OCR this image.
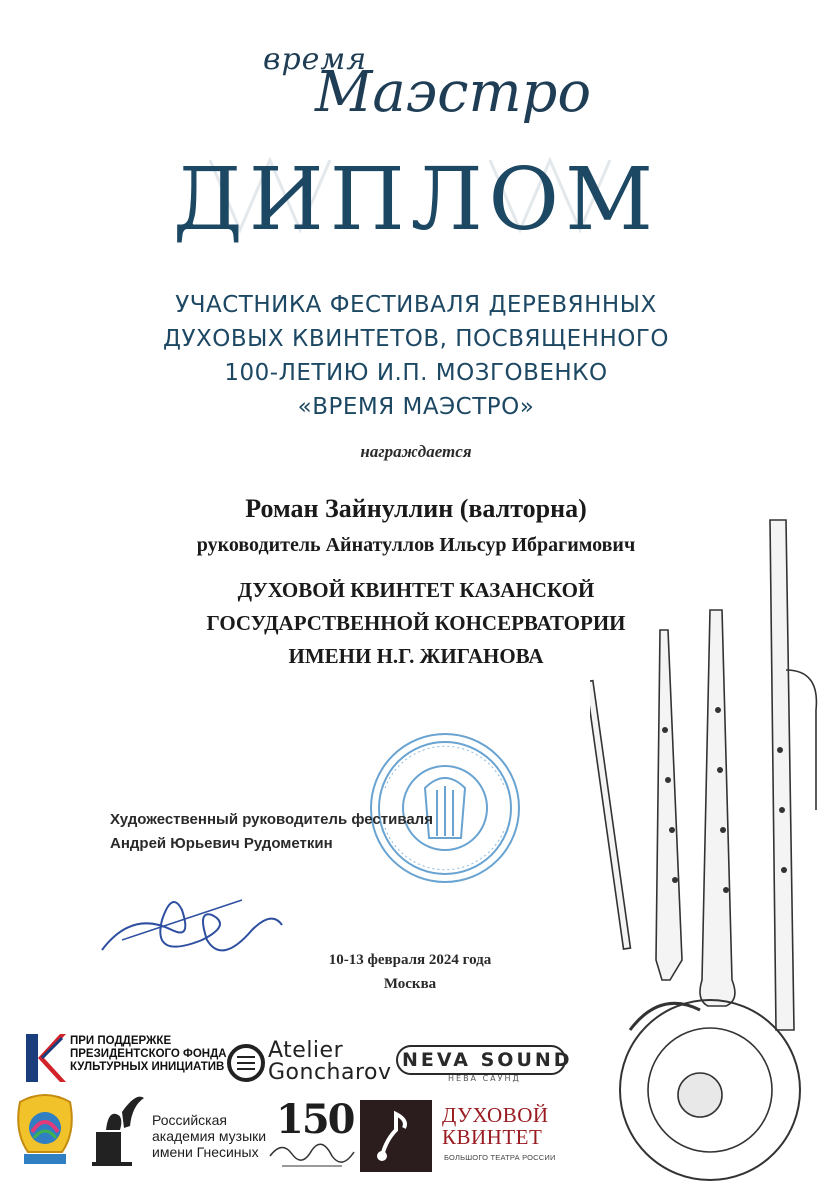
время
Маэстро
ДИПЛОМ
УЧАСТНИКА ФЕСТИВАЛЯ ДЕРЕВЯННЫХ
ДУХОВЫХ КВИНТЕТОВ, ПОСВЯЩЕННОГО
100-ЛЕТИЮ И.П. МОЗГОВЕНКО
«ВРЕМЯ МАЭСТРО»
награждается
Роман Зайнуллин (валторна)
руководитель Айнатуллов Ильсур Ибрагимович
ДУХОВОЙ КВИНТЕТ КАЗАНСКОЙ
ГОСУДАРСТВЕННОЙ КОНСЕРВАТОРИИ
ИМЕНИ Н.Г. ЖИГАНОВА
Художественный руководитель фестиваля
Андрей Юрьевич Рудометкин
10-13 февраля 2024 года
Москва
ПРИ ПОДДЕРЖКЕ
ПРЕЗИДЕНТСКОГО ФОНДА
КУЛЬТУРНЫХ ИНИЦИАТИВ
Atelier
Goncharov NEVA SOUND
НЕВА САУНД
Российская
академия музыки
имени Гнесиных
150	ДУХОВОЙ
КВИНТЕТ
БОЛЬШОГО ТЕАТРА РОССИИ
